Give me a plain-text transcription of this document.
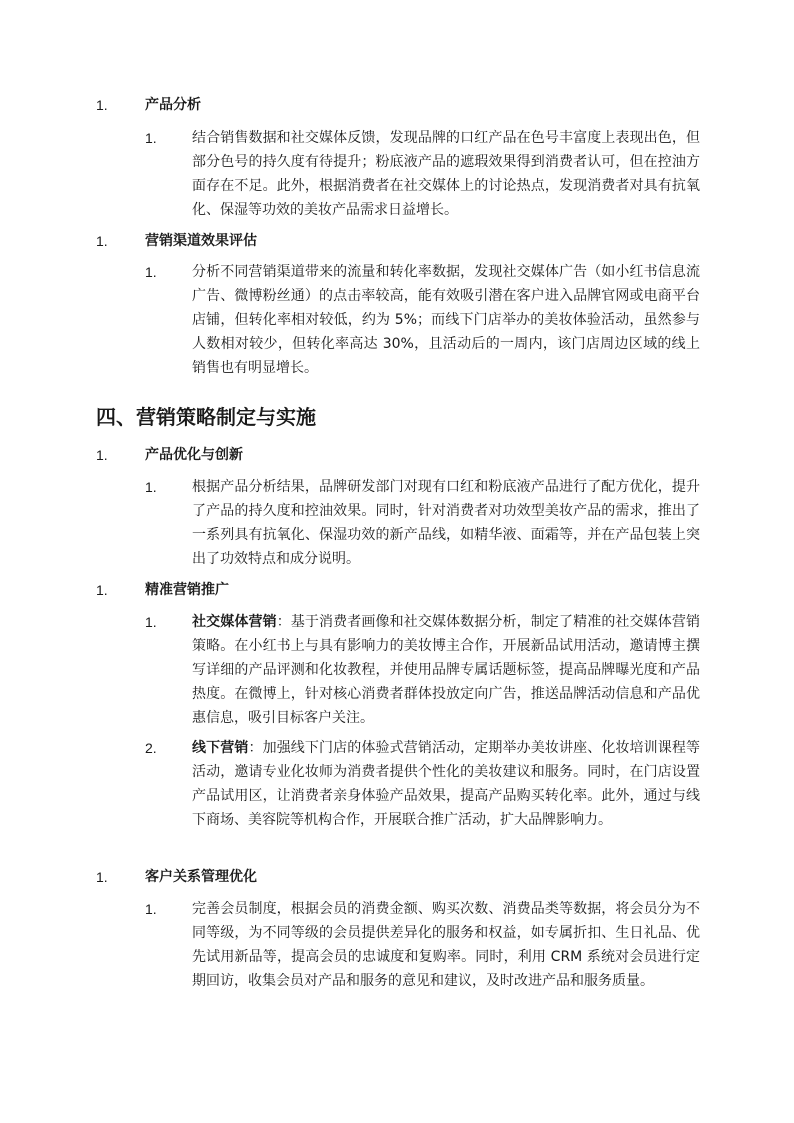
1.	产品分析
1.	结合销售数据和社交媒体反馈，发现品牌的口红产品在色号丰富度上表现出色，但部分色号的持久度有待提升；粉底液产品的遮瑕效果得到消费者认可，但在控油方面存在不足。此外，根据消费者在社交媒体上的讨论热点，发现消费者对具有抗氧化、保湿等功效的美妆产品需求日益增长。
1.	营销渠道效果评估
1.	分析不同营销渠道带来的流量和转化率数据，发现社交媒体广告（如小红书信息流广告、微博粉丝通）的点击率较高，能有效吸引潜在客户进入品牌官网或电商平台店铺，但转化率相对较低，约为 5%；而线下门店举办的美妆体验活动，虽然参与人数相对较少，但转化率高达 30%，且活动后的一周内，该门店周边区域的线上销售也有明显增长。
四、营销策略制定与实施
1.	产品优化与创新
1.	根据产品分析结果，品牌研发部门对现有口红和粉底液产品进行了配方优化，提升了产品的持久度和控油效果。同时，针对消费者对功效型美妆产品的需求，推出了一系列具有抗氧化、保湿功效的新产品线，如精华液、面霜等，并在产品包装上突出了功效特点和成分说明。
1.	精准营销推广
1.	社交媒体营销：基于消费者画像和社交媒体数据分析，制定了精准的社交媒体营销策略。在小红书上与具有影响力的美妆博主合作，开展新品试用活动，邀请博主撰写详细的产品评测和化妆教程，并使用品牌专属话题标签，提高品牌曝光度和产品热度。在微博上，针对核心消费者群体投放定向广告，推送品牌活动信息和产品优惠信息，吸引目标客户关注。
2.	线下营销：加强线下门店的体验式营销活动，定期举办美妆讲座、化妆培训课程等活动，邀请专业化妆师为消费者提供个性化的美妆建议和服务。同时，在门店设置产品试用区，让消费者亲身体验产品效果，提高产品购买转化率。此外，通过与线下商场、美容院等机构合作，开展联合推广活动，扩大品牌影响力。
1.	客户关系管理优化
1.	完善会员制度，根据会员的消费金额、购买次数、消费品类等数据，将会员分为不同等级，为不同等级的会员提供差异化的服务和权益，如专属折扣、生日礼品、优先试用新品等，提高会员的忠诚度和复购率。同时，利用 CRM 系统对会员进行定期回访，收集会员对产品和服务的意见和建议，及时改进产品和服务质量。
